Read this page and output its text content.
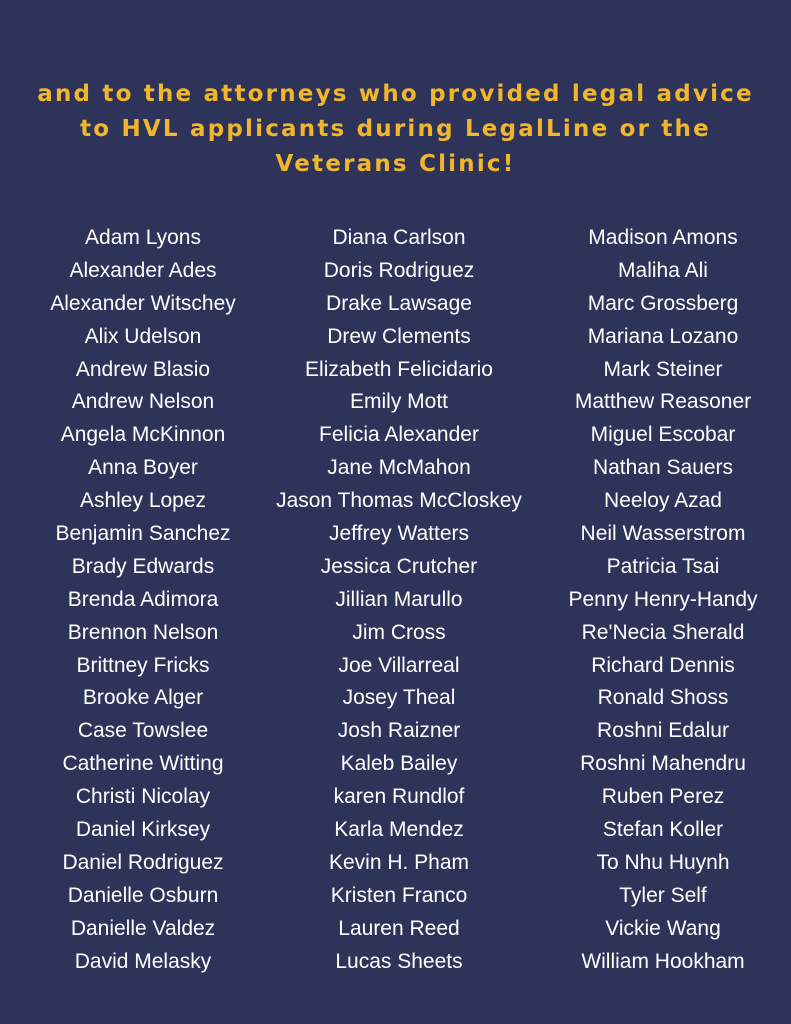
and to the attorneys who provided legal advice
to HVL applicants during LegalLine or the
Veterans Clinic!
Adam Lyons
Alexander Ades
Alexander Witschey
Alix Udelson
Andrew Blasio
Andrew Nelson
Angela McKinnon
Anna Boyer
Ashley Lopez
Benjamin Sanchez
Brady Edwards
Brenda Adimora
Brennon Nelson
Brittney Fricks
Brooke Alger
Case Towslee
Catherine Witting
Christi Nicolay
Daniel Kirksey
Daniel Rodriguez
Danielle Osburn
Danielle Valdez
David Melasky
Diana Carlson
Doris Rodriguez
Drake Lawsage
Drew Clements
Elizabeth Felicidario
Emily Mott
Felicia Alexander
Jane McMahon
Jason Thomas McCloskey
Jeffrey Watters
Jessica Crutcher
Jillian Marullo
Jim Cross
Joe Villarreal
Josey Theal
Josh Raizner
Kaleb Bailey
karen Rundlof
Karla Mendez
Kevin H. Pham
Kristen Franco
Lauren Reed
Lucas Sheets
Madison Amons
Maliha Ali
Marc Grossberg
Mariana Lozano
Mark Steiner
Matthew Reasoner
Miguel Escobar
Nathan Sauers
Neeloy Azad
Neil Wasserstrom
Patricia Tsai
Penny Henry-Handy
Re'Necia Sherald
Richard Dennis
Ronald Shoss
Roshni Edalur
Roshni Mahendru
Ruben Perez
Stefan Koller
To Nhu Huynh
Tyler Self
Vickie Wang
William Hookham
